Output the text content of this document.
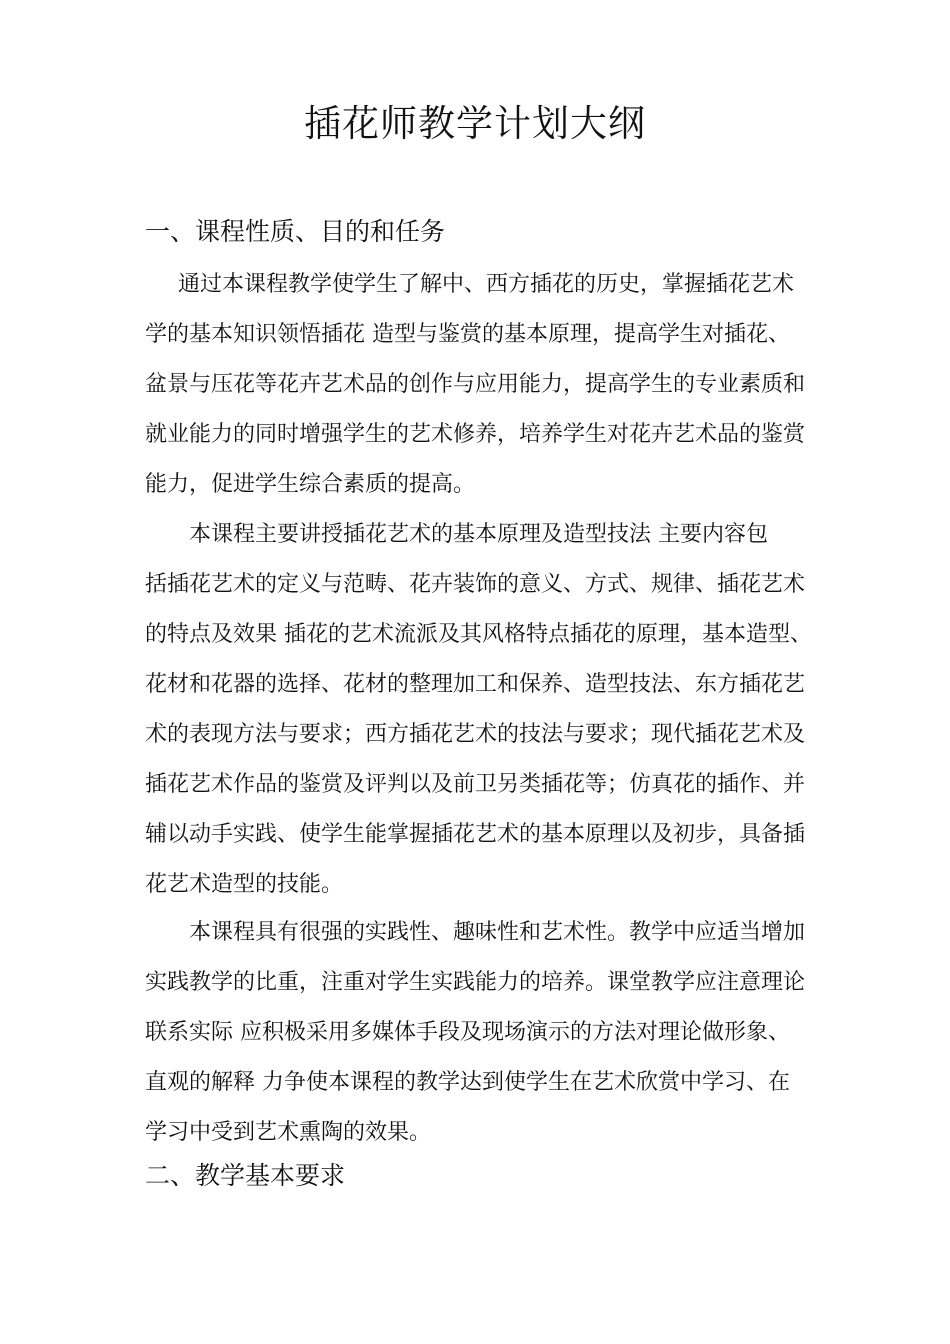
插花师教学计划大纲
一、课程性质、目的和任务
通过本课程教学使学生了解中、西方插花的历史，掌握插花艺术
学的基本知识领悟插花 造型与鉴赏的基本原理，提高学生对插花、
盆景与压花等花卉艺术品的创作与应用能力，提高学生的专业素质和
就业能力的同时增强学生的艺术修养，培养学生对花卉艺术品的鉴赏
能力，促进学生综合素质的提高。
本课程主要讲授插花艺术的基本原理及造型技法 主要内容包
括插花艺术的定义与范畴、花卉装饰的意义、方式、规律、插花艺术
的特点及效果 插花的艺术流派及其风格特点插花的原理，基本造型、
花材和花器的选择、花材的整理加工和保养、造型技法、东方插花艺
术的表现方法与要求；西方插花艺术的技法与要求；现代插花艺术及
插花艺术作品的鉴赏及评判以及前卫另类插花等；仿真花的插作、并
辅以动手实践、使学生能掌握插花艺术的基本原理以及初步，具备插
花艺术造型的技能。
本课程具有很强的实践性、趣味性和艺术性。教学中应适当增加
实践教学的比重，注重对学生实践能力的培养。课堂教学应注意理论
联系实际 应积极采用多媒体手段及现场演示的方法对理论做形象、
直观的解释 力争使本课程的教学达到使学生在艺术欣赏中学习、在
学习中受到艺术熏陶的效果。
二、教学基本要求
